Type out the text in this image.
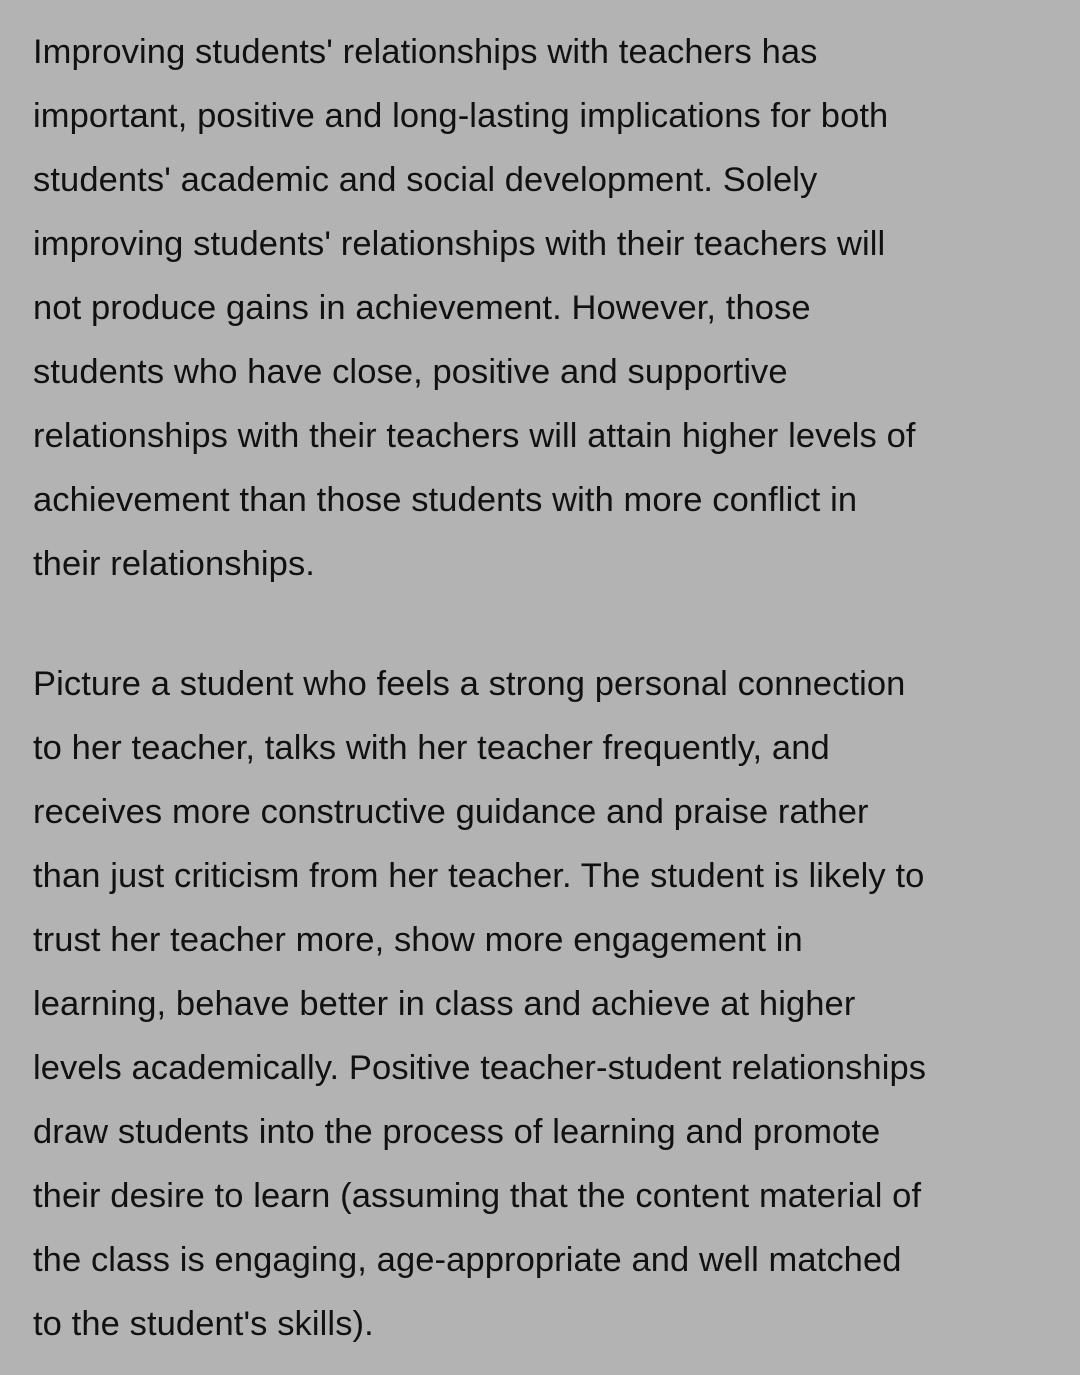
Improving students' relationships with teachers has
important, positive and long-lasting implications for both
students' academic and social development. Solely
improving students' relationships with their teachers will
not produce gains in achievement. However, those
students who have close, positive and supportive
relationships with their teachers will attain higher levels of
achievement than those students with more conflict in
their relationships.

Picture a student who feels a strong personal connection
to her teacher, talks with her teacher frequently, and
receives more constructive guidance and praise rather
than just criticism from her teacher. The student is likely to
trust her teacher more, show more engagement in
learning, behave better in class and achieve at higher
levels academically. Positive teacher-student relationships
draw students into the process of learning and promote
their desire to learn (assuming that the content material of
the class is engaging, age-appropriate and well matched
to the student's skills).
